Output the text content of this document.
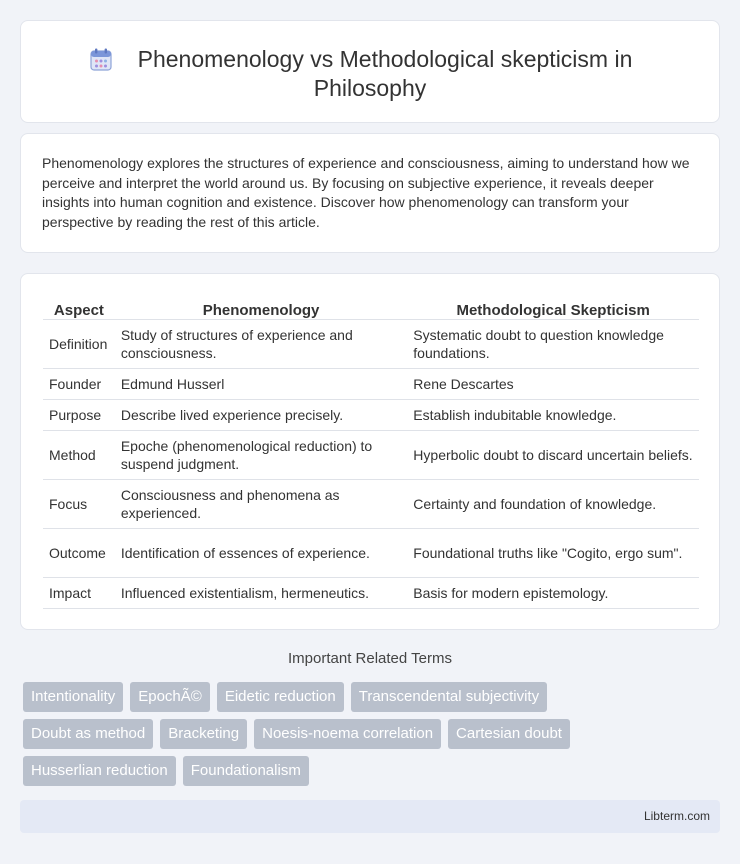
Phenomenology vs Methodological skepticism in
Philosophy

Phenomenology explores the structures of experience and consciousness, aiming to understand how we perceive and interpret the world around us. By focusing on subjective experience, it reveals deeper insights into human cognition and existence. Discover how phenomenology can transform your perspective by reading the rest of this article.

Aspect	Phenomenology	Methodological Skepticism
Definition	Study of structures of experience and consciousness.	Systematic doubt to question knowledge foundations.
Founder	Edmund Husserl	Rene Descartes
Purpose	Describe lived experience precisely.	Establish indubitable knowledge.
Method	Epoche (phenomenological reduction) to suspend judgment.	Hyperbolic doubt to discard uncertain beliefs.
Focus	Consciousness and phenomena as experienced.	Certainty and foundation of knowledge.
Outcome	Identification of essences of experience.	Foundational truths like "Cogito, ergo sum".
Impact	Influenced existentialism, hermeneutics.	Basis for modern epistemology.
Important Related Terms
Intentionality	EpochÃ©	Eidetic reduction	Transcendental subjectivity
Doubt as method	Bracketing	Noesis-noema correlation	Cartesian doubt
Husserlian reduction	Foundationalism
Libterm.com
